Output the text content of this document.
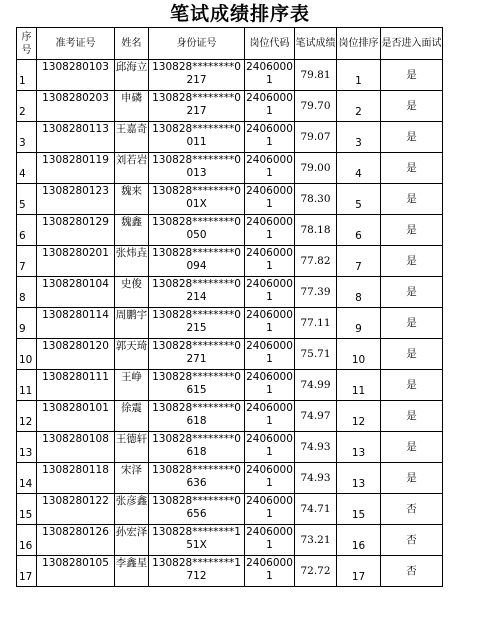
笔试成绩排序表
序号	准考证号	姓名	身份证号	岗位代码	笔试成绩	岗位排序	是否进入面试

1	1308280103	邱海立	130828********0217	24060001	79.81	1	是

2	1308280203	申磷	130828********0217	24060001	79.70	2	是

3	1308280113	王嘉奇	130828********0011	24060001	79.07	3	是

4	1308280119	刘若岩	130828********0013	24060001	79.00	4	是

5	1308280123	魏来	130828********001X	24060001	78.30	5	是

6	1308280129	魏鑫	130828********0050	24060001	78.18	6	是

7	1308280201	张炜垚	130828********0094	24060001	77.82	7	是

8	1308280104	史俊	130828********0214	24060001	77.39	8	是

9	1308280114	周鹏宇	130828********0215	24060001	77.11	9	是

10	1308280120	郭天琦	130828********0271	24060001	75.71	10	是

11	1308280111	王峥	130828********0615	24060001	74.99	11	是

12	1308280101	徐震	130828********0618	24060001	74.97	12	是

13	1308280108	王德轩	130828********0618	24060001	74.93	13	是

14	1308280118	宋泽	130828********0636	24060001	74.93	13	是

15	1308280122	张彦鑫	130828********0656	24060001	74.71	15	否

16	1308280126	孙宏泽	130828********151X	24060001	73.21	16	否

17	1308280105	李鑫星	130828********1712	24060001	72.72	17	否
